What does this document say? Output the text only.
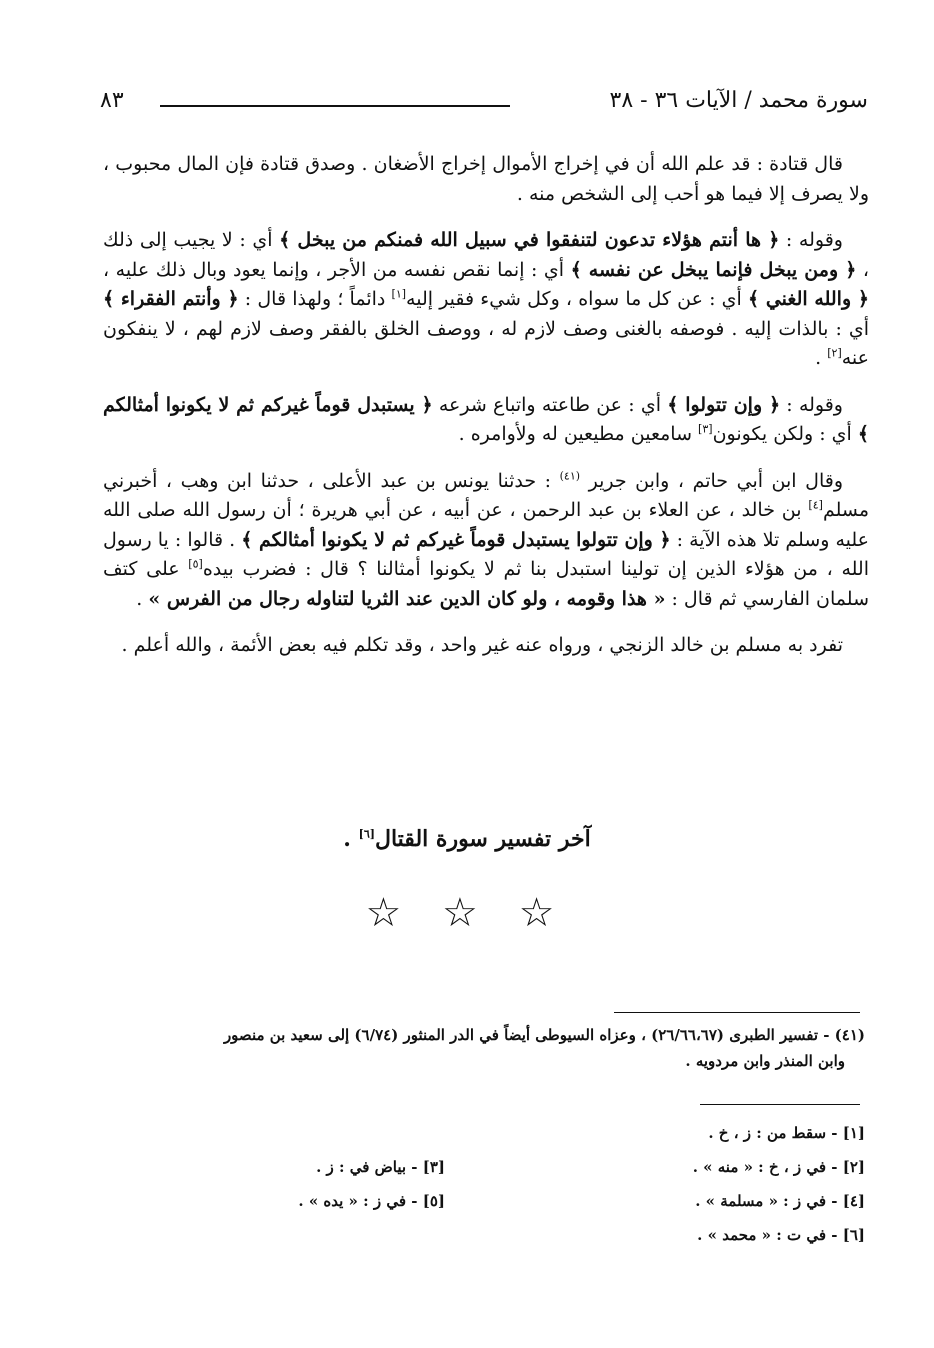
سورة محمد / الآيات ٣٦ - ٣٨
٨٣

قال قتادة : قد علم الله أن في إخراج الأموال إخراج الأضغان . وصدق قتادة فإن المال محبوب ، ولا يصرف إلا فيما هو أحب إلى الشخص منه .

وقوله : ﴿ ها أنتم هؤلاء تدعون لتنفقوا في سبيل الله فمنكم من يبخل ﴾ أي : لا يجيب إلى ذلك ، ﴿ ومن يبخل فإنما يبخل عن نفسه ﴾ أي : إنما نقص نفسه من الأجر ، وإنما يعود وبال ذلك عليه ، ﴿ والله الغني ﴾ أي : عن كل ما سواه ، وكل شيء فقير إليه[١] دائماً ؛ ولهذا قال : ﴿ وأنتم الفقراء ﴾ أي : بالذات إليه . فوصفه بالغنى وصف لازم له ، ووصف الخلق بالفقر وصف لازم لهم ، لا ينفكون عنه[٢] .

وقوله : ﴿ وإن تتولوا ﴾ أي : عن طاعته واتباع شرعه ﴿ يستبدل قوماً غيركم ثم لا يكونوا أمثالكم ﴾ أي : ولكن يكونون[٣] سامعين مطيعين له ولأوامره .

وقال ابن أبي حاتم ، وابن جرير $^{(٤١)}$ : حدثنا يونس بن عبد الأعلى ، حدثنا ابن وهب ، أخبرني مسلم[٤] بن خالد ، عن العلاء بن عبد الرحمن ، عن أبيه ، عن أبي هريرة ؛ أن رسول الله صلى الله عليه وسلم تلا هذه الآية : ﴿ وإن تتولوا يستبدل قوماً غيركم ثم لا يكونوا أمثالكم ﴾ . قالوا : يا رسول الله ، من هؤلاء الذين إن تولينا استبدل بنا ثم لا يكونوا أمثالنا ؟ قال : فضرب بيده[٥] على كتف سلمان الفارسي ثم قال : « هذا وقومه ، ولو كان الدين عند الثريا لتناوله رجال من الفرس » .

تفرد به مسلم بن خالد الزنجي ، ورواه عنه غير واحد ، وقد تكلم فيه بعض الأئمة ، والله أعلم .

آخر تفسير سورة القتال[٦] .
☆ ☆ ☆
(٤١) - تفسير الطبرى (٢٦/٦٦،٦٧) ، وعزاه السيوطى أيضاً في الدر المنثور (٦/٧٤) إلى سعيد بن منصور
وابن المنذر وابن مردويه .
[١] - سقط من : ز ، خ .
[٢] - في ز ، خ : « منه » .
[٣] - بياض في : ز .
[٤] - في ز : « مسلمة » .
[٥] - في ز : « يده » .
[٦] - في ت : « محمد » .
